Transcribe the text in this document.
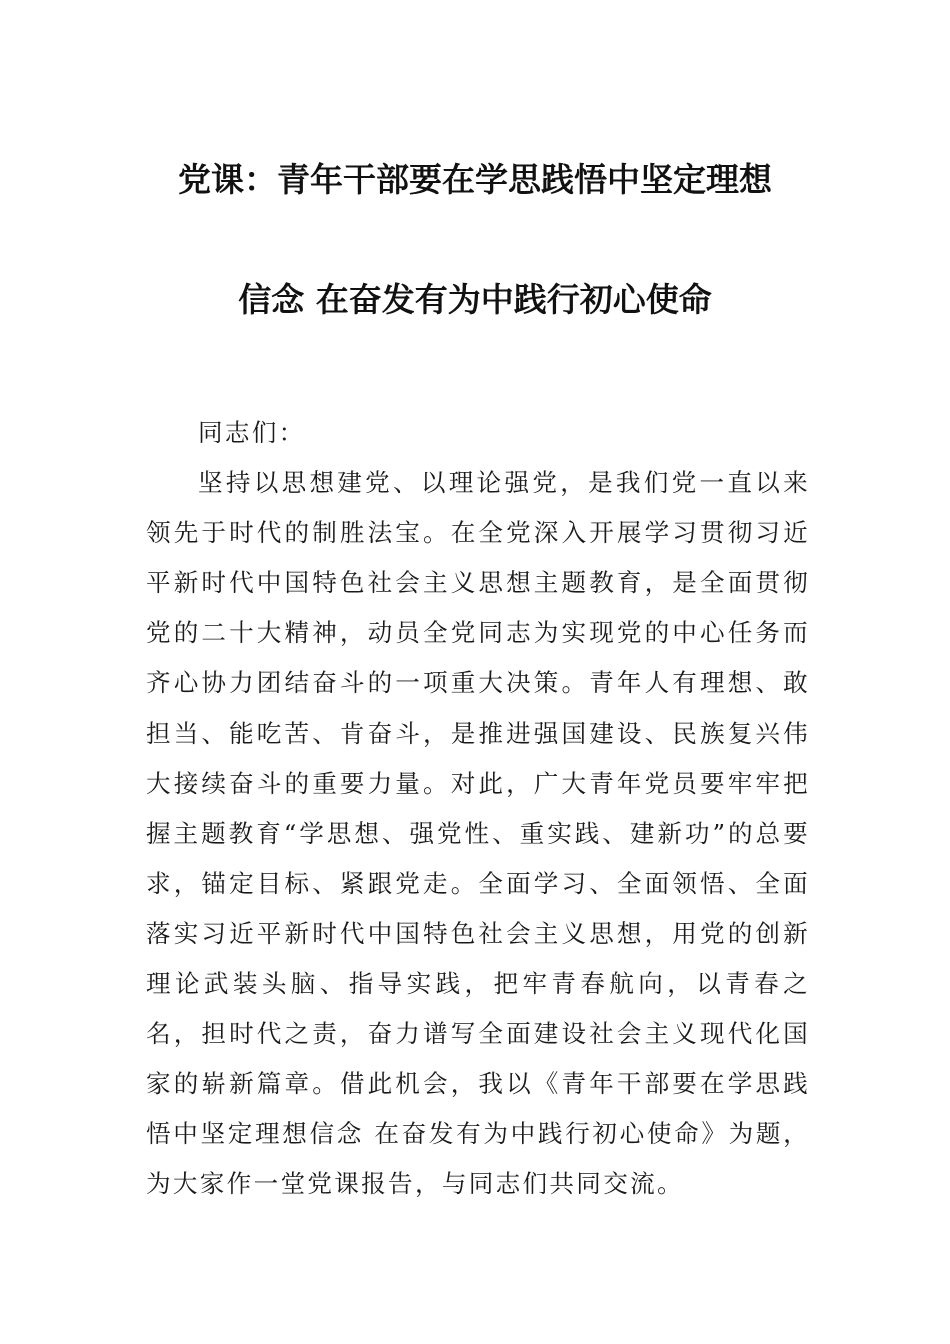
党课：青年干部要在学思践悟中坚定理想
信念 在奋发有为中践行初心使命

同志们：

坚持以思想建党、以理论强党，是我们党一直以来领先于时代的制胜法宝。在全党深入开展学习贯彻习近平新时代中国特色社会主义思想主题教育，是全面贯彻党的二十大精神，动员全党同志为实现党的中心任务而齐心协力团结奋斗的一项重大决策。青年人有理想、敢担当、能吃苦、肯奋斗，是推进强国建设、民族复兴伟大接续奋斗的重要力量。对此，广大青年党员要牢牢把握主题教育“学思想、强党性、重实践、建新功”的总要求，锚定目标、紧跟党走。全面学习、全面领悟、全面落实习近平新时代中国特色社会主义思想，用党的创新理论武装头脑、指导实践，把牢青春航向，以青春之名，担时代之责，奋力谱写全面建设社会主义现代化国家的崭新篇章。借此机会，我以《青年干部要在学思践悟中坚定理想信念 在奋发有为中践行初心使命》为题，为大家作一堂党课报告，与同志们共同交流。
